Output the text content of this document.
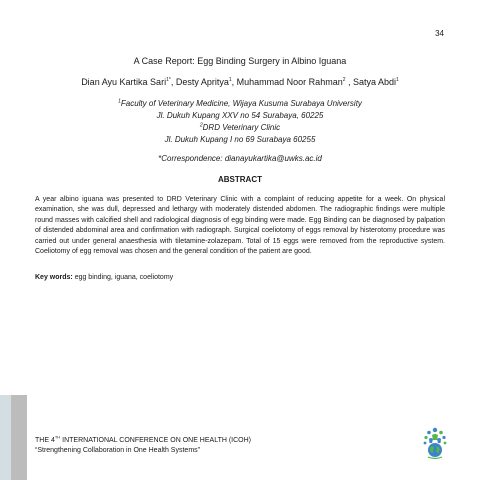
34
A Case Report: Egg Binding Surgery in Albino Iguana
Dian Ayu Kartika Sari$^{1*}$, Desty Apritya$^1$, Muhammad Noor Rahman$^2$ , Satya Abdi$^1$
$^1$Faculty of Veterinary Medicine, Wijaya Kusuma Surabaya University
Jl. Dukuh Kupang XXV no 54 Surabaya, 60225
$^2$DRD Veterinary Clinic
Jl. Dukuh Kupang I no 69 Surabaya 60255
*Correspondence: dianayukartika@uwks.ac.id
ABSTRACT
A year albino iguana was presented to DRD Veterinary Clinic with a complaint of reducing appetite for a week. On physical examination, she was dull, depressed and lethargy with moderately distended abdomen. The radiographic findings were multiple round masses with calcified shell and radiological diagnosis of egg binding were made. Egg Binding can be diagnosed by palpation of distended abdominal area and confirmation with radiograph. Surgical coeliotomy of eggs removal by histerotomy procedure was carried out under general anaesthesia with tiletamine-zolazepam. Total of 15 eggs were removed from the reproductive system. Coeliotomy of egg removal was chosen and the general condition of the patient are good.
Key words: egg binding, iguana, coeliotomy
THE 4TH INTERNATIONAL CONFERENCE ON ONE HEALTH (ICOH)
“Strengthening Collaboration in One Health Systems”
